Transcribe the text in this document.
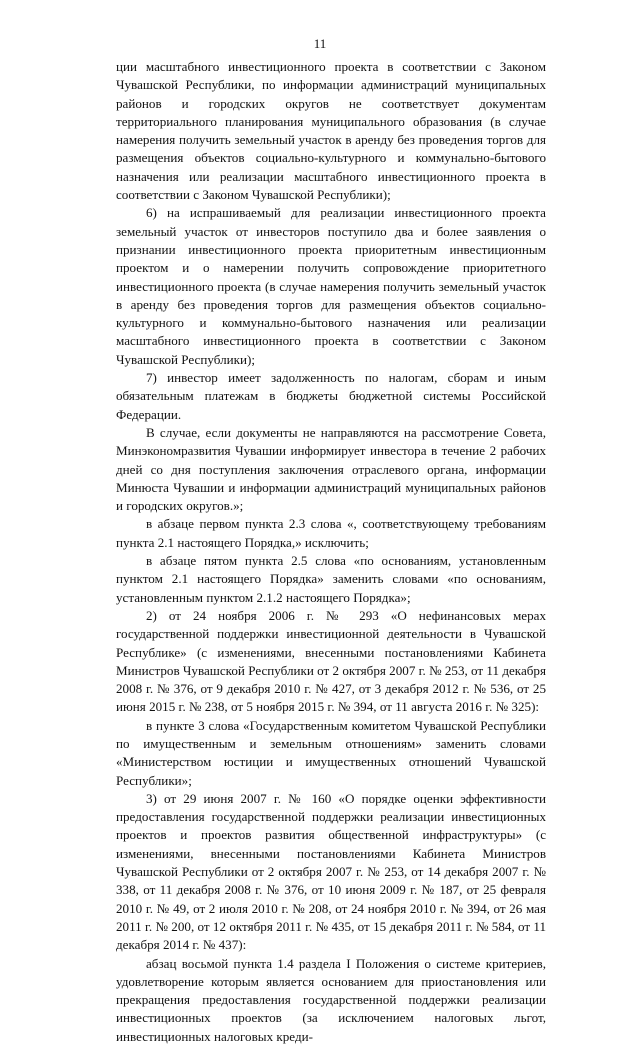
11

ции масштабного инвестиционного проекта в соответствии с Законом Чувашской Республики, по информации администраций муниципальных районов и городских округов не соответствует документам территориального планирования муниципального образования (в случае намерения получить земельный участок в аренду без проведения торгов для размещения объектов социально-культурного и коммунально-бытового назначения или реализации масштабного инвестиционного проекта в соответствии с Законом Чувашской Республики);

6) на испрашиваемый для реализации инвестиционного проекта земельный участок от инвесторов поступило два и более заявления о признании инвестиционного проекта приоритетным инвестиционным проектом и о намерении получить сопровождение приоритетного инвестиционного проекта (в случае намерения получить земельный участок в аренду без проведения торгов для размещения объектов социально-культурного и коммунально-бытового назначения или реализации масштабного инвестиционного проекта в соответствии с Законом Чувашской Республики);

7) инвестор имеет задолженность по налогам, сборам и иным обязательным платежам в бюджеты бюджетной системы Российской Федерации.

В случае, если документы не направляются на рассмотрение Совета, Минэкономразвития Чувашии информирует инвестора в течение 2 рабочих дней со дня поступления заключения отраслевого органа, информации Минюста Чувашии и информации администраций муниципальных районов и городских округов.»;

в абзаце первом пункта 2.3 слова «, соответствующему требованиям пункта 2.1 настоящего Порядка,» исключить;

в абзаце пятом пункта 2.5 слова «по основаниям, установленным пунктом 2.1 настоящего Порядка» заменить словами «по основаниям, установленным пунктом 2.1.2 настоящего Порядка»;

2) от 24 ноября 2006 г. № 293 «О нефинансовых мерах государственной поддержки инвестиционной деятельности в Чувашской Республике» (с изменениями, внесенными постановлениями Кабинета Министров Чувашской Республики от 2 октября 2007 г. № 253, от 11 декабря 2008 г. № 376, от 9 декабря 2010 г. № 427, от 3 декабря 2012 г. № 536, от 25 июня 2015 г. № 238, от 5 ноября 2015 г. № 394, от 11 августа 2016 г. № 325):

в пункте 3 слова «Государственным комитетом Чувашской Республики по имущественным и земельным отношениям» заменить словами «Министерством юстиции и имущественных отношений Чувашской Республики»;

3) от 29 июня 2007 г. № 160 «О порядке оценки эффективности предоставления государственной поддержки реализации инвестиционных проектов и проектов развития общественной инфраструктуры» (с изменениями, внесенными постановлениями Кабинета Министров Чувашской Республики от 2 октября 2007 г. № 253, от 14 декабря 2007 г. № 338, от 11 декабря 2008 г. № 376, от 10 июня 2009 г. № 187, от 25 февраля 2010 г. № 49, от 2 июля 2010 г. № 208, от 24 ноября 2010 г. № 394, от 26 мая 2011 г. № 200, от 12 октября 2011 г. № 435, от 15 декабря 2011 г. № 584, от 11 декабря 2014 г. № 437):

абзац восьмой пункта 1.4 раздела I Положения о системе критериев, удовлетворение которым является основанием для приостановления или прекращения предоставления государственной поддержки реализации инвестиционных проектов (за исключением налоговых льгот, инвестиционных налоговых креди-
